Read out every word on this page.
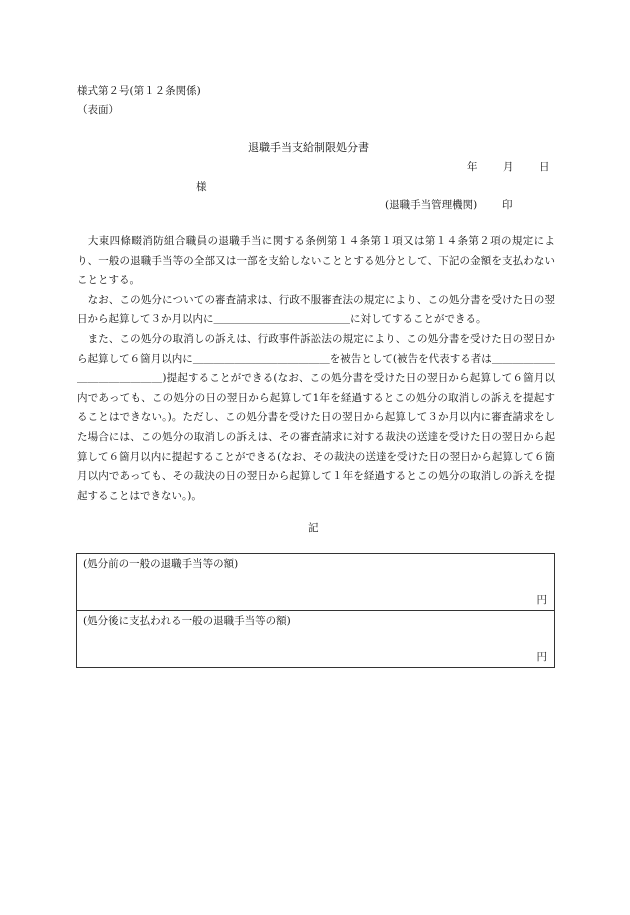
様式第２号(第１２条関係)
（表面）
退職手当支給制限処分書
年 月 日
様
(退職手当管理機関) 印

　大東四條畷消防組合職員の退職手当に関する条例第１４条第１項又は第１４条第２項の規定により、一般の退職手当等の全部又は一部を支給しないこととする処分として、下記の金額を支払わないこととする。

　なお、この処分についての審査請求は、行政不服審査法の規定により、この処分書を受けた日の翌日から起算して３か月以内に＿＿＿＿＿＿＿＿＿＿＿＿＿に対してすることができる。

　また、この処分の取消しの訴えは、行政事件訴訟法の規定により、この処分書を受けた日の翌日から起算して６箇月以内に＿＿＿＿＿＿＿＿＿＿＿＿＿を被告として(被告を代表する者は＿＿＿＿＿＿＿＿＿＿＿＿＿＿)提起することができる(なお、この処分書を受けた日の翌日から起算して６箇月以内であっても、この処分の日の翌日から起算して1年を経過するとこの処分の取消しの訴えを提起することはできない。)。ただし、この処分書を受けた日の翌日から起算して３か月以内に審査請求をした場合には、この処分の取消しの訴えは、その審査請求に対する裁決の送達を受けた日の翌日から起算して６箇月以内に提起することができる(なお、その裁決の送達を受けた日の翌日から起算して６箇月以内であっても、その裁決の日の翌日から起算して１年を経過するとこの処分の取消しの訴えを提起することはできない。)。

記
(処分前の一般の退職手当等の額)
円
(処分後に支払われる一般の退職手当等の額)
円
